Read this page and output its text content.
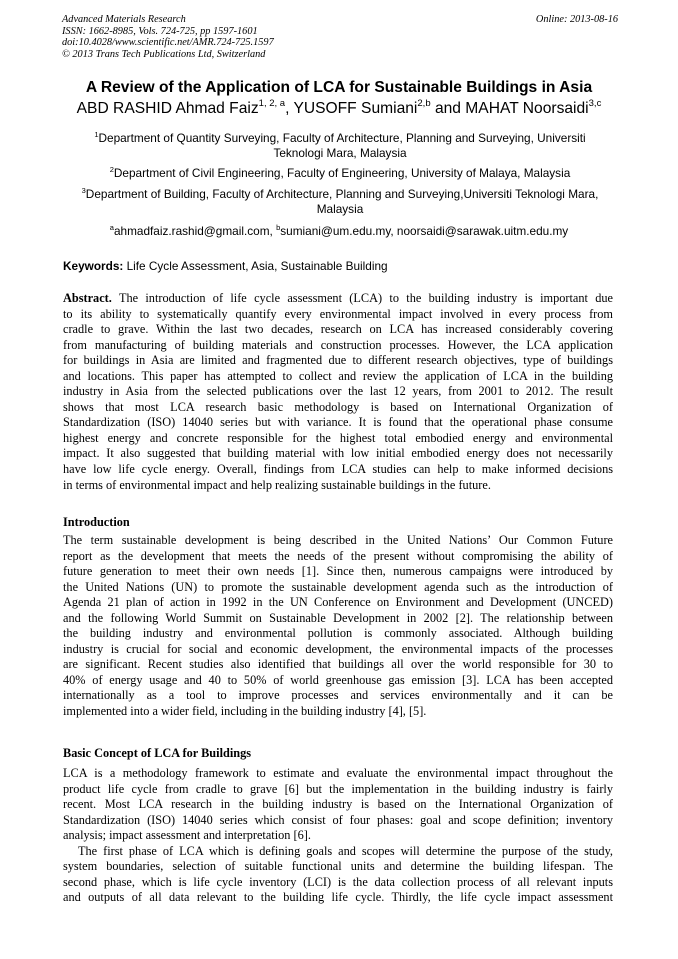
Advanced Materials Research
ISSN: 1662-8985, Vols. 724-725, pp 1597-1601
doi:10.4028/www.scientific.net/AMR.724-725.1597
© 2013 Trans Tech Publications Ltd, Switzerland
Online: 2013-08-16
A Review of the Application of LCA for Sustainable Buildings in Asia
ABD RASHID Ahmad Faiz$^{1, 2, a}$, YUSOFF Sumiani$^{2,b}$ and MAHAT Noorsaidi$^{3,c}$
$^1$Department of Quantity Surveying, Faculty of Architecture, Planning and Surveying, Universiti
Teknologi Mara, Malaysia
$^2$Department of Civil Engineering, Faculty of Engineering, University of Malaya, Malaysia
$^3$Department of Building, Faculty of Architecture, Planning and Surveying,Universiti Teknologi Mara,
Malaysia
$^a$ahmadfaiz.rashid@gmail.com, $^b$sumiani@um.edu.my, noorsaidi@sarawak.uitm.edu.my
Keywords: Life Cycle Assessment, Asia, Sustainable Building
Abstract. The introduction of life cycle assessment (LCA) to the building industry is important due
to its ability to systematically quantify every environmental impact involved in every process from
cradle to grave. Within the last two decades, research on LCA has increased considerably covering
from manufacturing of building materials and construction processes. However, the LCA application
for buildings in Asia are limited and fragmented due to different research objectives, type of buildings
and locations. This paper has attempted to collect and review the application of LCA in the building
industry in Asia from the selected publications over the last 12 years, from 2001 to 2012. The result
shows that most LCA research basic methodology is based on International Organization of
Standardization (ISO) 14040 series but with variance. It is found that the operational phase consume
highest energy and concrete responsible for the highest total embodied energy and environmental
impact. It also suggested that building material with low initial embodied energy does not necessarily
have low life cycle energy. Overall, findings from LCA studies can help to make informed decisions
in terms of environmental impact and help realizing sustainable buildings in the future.
Introduction
The term sustainable development is being described in the United Nations’ Our Common Future
report as the development that meets the needs of the present without compromising the ability of
future generation to meet their own needs [1]. Since then, numerous campaigns were introduced by
the United Nations (UN) to promote the sustainable development agenda such as the introduction of
Agenda 21 plan of action in 1992 in the UN Conference on Environment and Development (UNCED)
and the following World Summit on Sustainable Development in 2002 [2]. The relationship between
the building industry and environmental pollution is commonly associated. Although building
industry is crucial for social and economic development, the environmental impacts of the processes
are significant. Recent studies also identified that buildings all over the world responsible for 30 to
40% of energy usage and 40 to 50% of world greenhouse gas emission [3]. LCA has been accepted
internationally as a tool to improve processes and services environmentally and it can be
implemented into a wider field, including in the building industry [4], [5].
Basic Concept of LCA for Buildings
LCA is a methodology framework to estimate and evaluate the environmental impact throughout the
product life cycle from cradle to grave [6] but the implementation in the building industry is fairly
recent. Most LCA research in the building industry is based on the International Organization of
Standardization (ISO) 14040 series which consist of four phases: goal and scope definition; inventory
analysis; impact assessment and interpretation [6].
The first phase of LCA which is defining goals and scopes will determine the purpose of the study,
system boundaries, selection of suitable functional units and determine the building lifespan. The
second phase, which is life cycle inventory (LCI) is the data collection process of all relevant inputs
and outputs of all data relevant to the building life cycle. Thirdly, the life cycle impact assessment
